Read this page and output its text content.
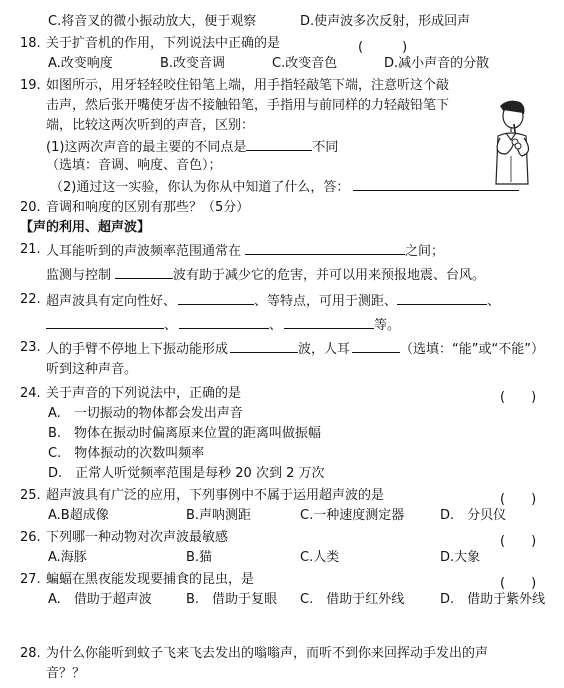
C.将音叉的微小振动放大，便于观察	D.使声波多次反射，形成回声
18. 关于扩音机的作用，下列说法中正确的是	(　　　)
A.改变响度	B.改变音调	C.改变音色	D.减小声音的分散
19. 如图所示，用牙轻轻咬住铅笔上端，用手指轻敲笔下端，注意听这个敲
击声，然后张开嘴使牙齿不接触铅笔，手指用与前同样的力轻敲铅笔下
端，比较这两次听到的声音，区别：
(1)这两次声音的最主要的不同点是	不同
（选填：音调、响度、音色）；
（2)通过这一实验，你认为你从中知道了什么，答：
20. 音调和响度的区别有那些？（5分）
【声的利用、超声波】
21. 人耳能听到的声波频率范围通常在	之间；
监测与控制	波有助于减少它的危害，并可以用来预报地震、台风。
22. 超声波具有定向性好、	、等特点，可用于测距、	、
、	、	等。
23. 人的手臂不停地上下振动能形成	波，人耳	（选填：“能”或“不能”）
听到这种声音。
24. 关于声音的下列说法中，正确的是	(　　)
A.　一切振动的物体都会发出声音
B.　物体在振动时偏离原来位置的距离叫做振幅
C.　物体振动的次数叫频率
D.　正常人听觉频率范围是每秒 20 次到 2 万次
25. 超声波具有广泛的应用，下列事例中不属于运用超声波的是	(　　)
A.B超成像	B.声呐测距	C.一种速度测定器	D.　分贝仪
26. 下列哪一种动物对次声波最敏感	(　　)
A.海豚	B.猫	C.人类	D.大象
27. 蝙蝠在黑夜能发现要捕食的昆虫，是	(　　)
A.　借助于超声波	B.　借助于复眼 C.　借助于红外线	D.　借助于紫外线
28. 为什么你能听到蚊子飞来飞去发出的嗡嗡声，而听不到你来回挥动手发出的声
音？？
